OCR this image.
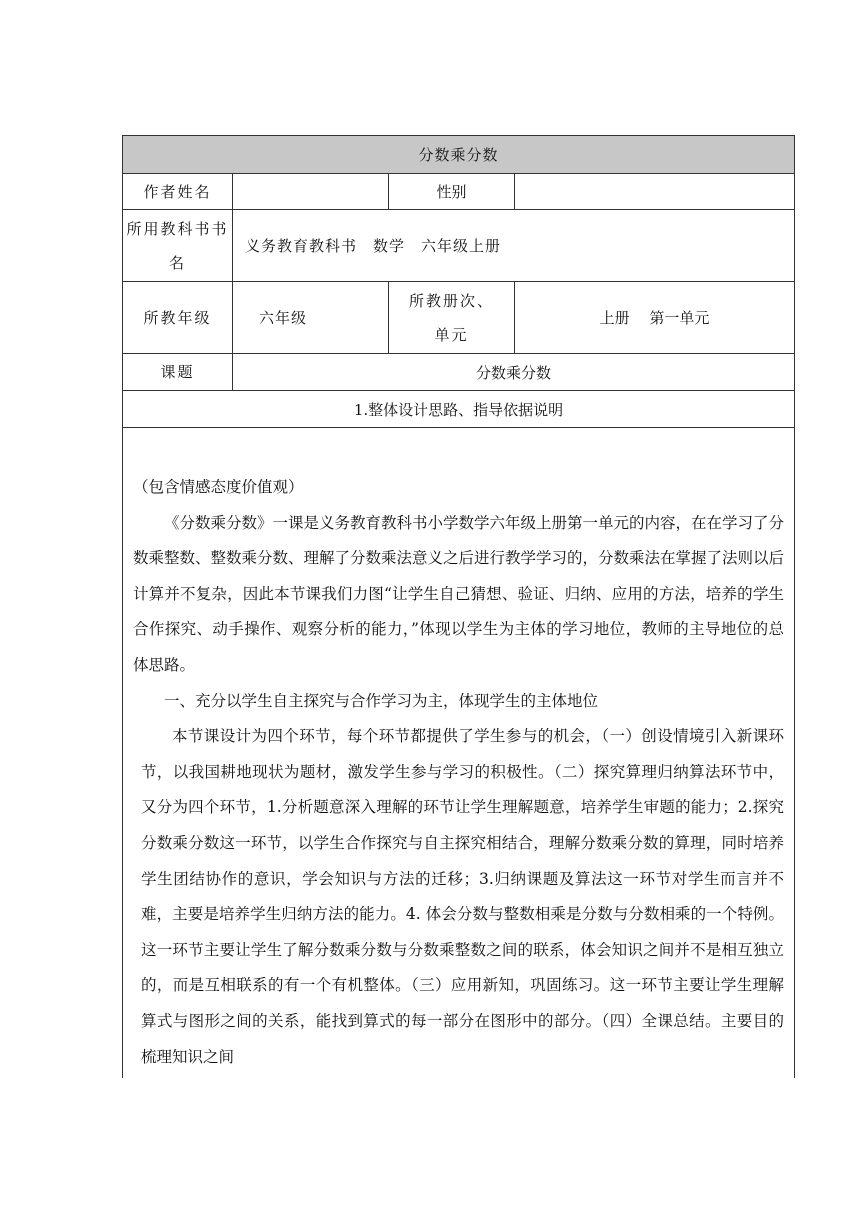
分数乘分数			
作者姓名		性别	
所用教科书书名	义务教育教科书　数学　六年级上册		
所教年级	六年级	所教册次、单元	上册　 第一单元
课题	分数乘分数		
1.整体设计思路、指导依据说明			

（包含情感态度价值观）

《分数乘分数》一课是义务教育教科书小学数学六年级上册第一单元的内容，在在学习了分数乘整数、整数乘分数、理解了分数乘法意义之后进行教学学习的，分数乘法在掌握了法则以后计算并不复杂，因此本节课我们力图“让学生自己猜想、验证、归纳、应用的方法，培养的学生合作探究、动手操作、观察分析的能力，”体现以学生为主体的学习地位，教师的主导地位的总体思路。

一、充分以学生自主探究与合作学习为主，体现学生的主体地位

本节课设计为四个环节，每个环节都提供了学生参与的机会，（一）创设情境引入新课环节，以我国耕地现状为题材，激发学生参与学习的积极性。（二）探究算理归纳算法环节中，又分为四个环节，1.分析题意深入理解的环节让学生理解题意，培养学生审题的能力；2.探究分数乘分数这一环节，以学生合作探究与自主探究相结合，理解分数乘分数的算理，同时培养学生团结协作的意识，学会知识与方法的迁移；3.归纳课题及算法这一环节对学生而言并不难，主要是培养学生归纳方法的能力。4. 体会分数与整数相乘是分数与分数相乘的一个特例。这一环节主要让学生了解分数乘分数与分数乘整数之间的联系，体会知识之间并不是相互独立的，而是互相联系的有一个有机整体。（三）应用新知，巩固练习。这一环节主要让学生理解算式与图形之间的关系，能找到算式的每一部分在图形中的部分。（四）全课总结。主要目的梳理知识之间			
